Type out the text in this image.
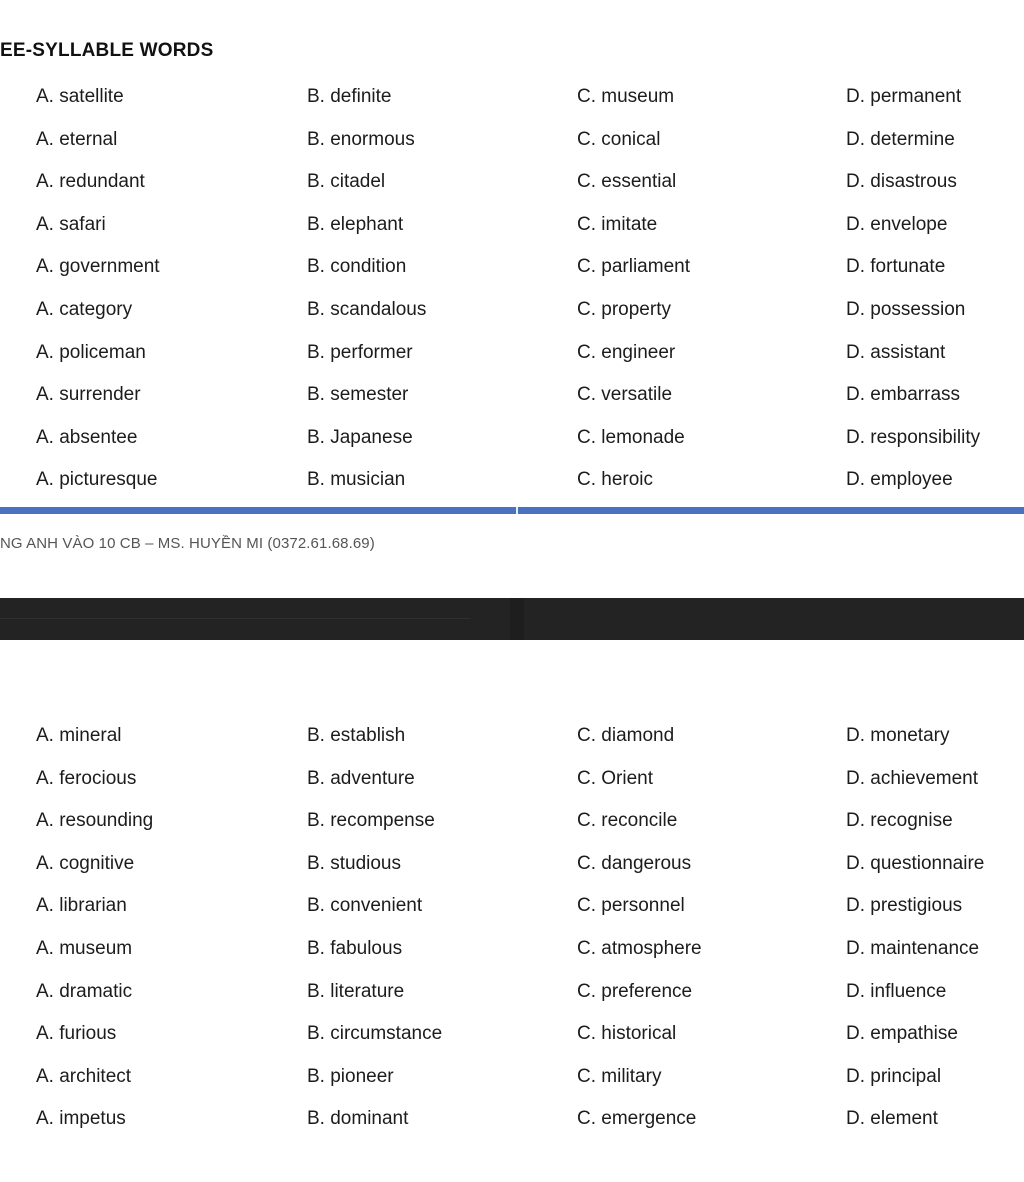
EE-SYLLABLE WORDS
A. satellite	B. definite	C. museum	D. permanent
A. eternal	B. enormous	C. conical	D. determine
A. redundant	B. citadel	C. essential	D. disastrous
A. safari	B. elephant	C. imitate	D. envelope
A. government	B. condition	C. parliament	D. fortunate
A. category	B. scandalous	C. property	D. possession
A. policeman	B. performer	C. engineer	D. assistant
A. surrender	B. semester	C. versatile	D. embarrass
A. absentee	B. Japanese	C. lemonade	D. responsibility
A. picturesque	B. musician	C. heroic	D. employee
NG ANH VÀO 10 CB – MS. HUYỀN MI (0372.61.68.69)
A. mineral	B. establish	C. diamond	D. monetary
A. ferocious	B. adventure	C. Orient	D. achievement
A. resounding	B. recompense	C. reconcile	D. recognise
A. cognitive	B. studious	C. dangerous	D. questionnaire
A. librarian	B. convenient	C. personnel	D. prestigious
A. museum	B. fabulous	C. atmosphere	D. maintenance
A. dramatic	B. literature	C. preference	D. influence
A. furious	B. circumstance	C. historical	D. empathise
A. architect	B. pioneer	C. military	D. principal
A. impetus	B. dominant	C. emergence	D. element
